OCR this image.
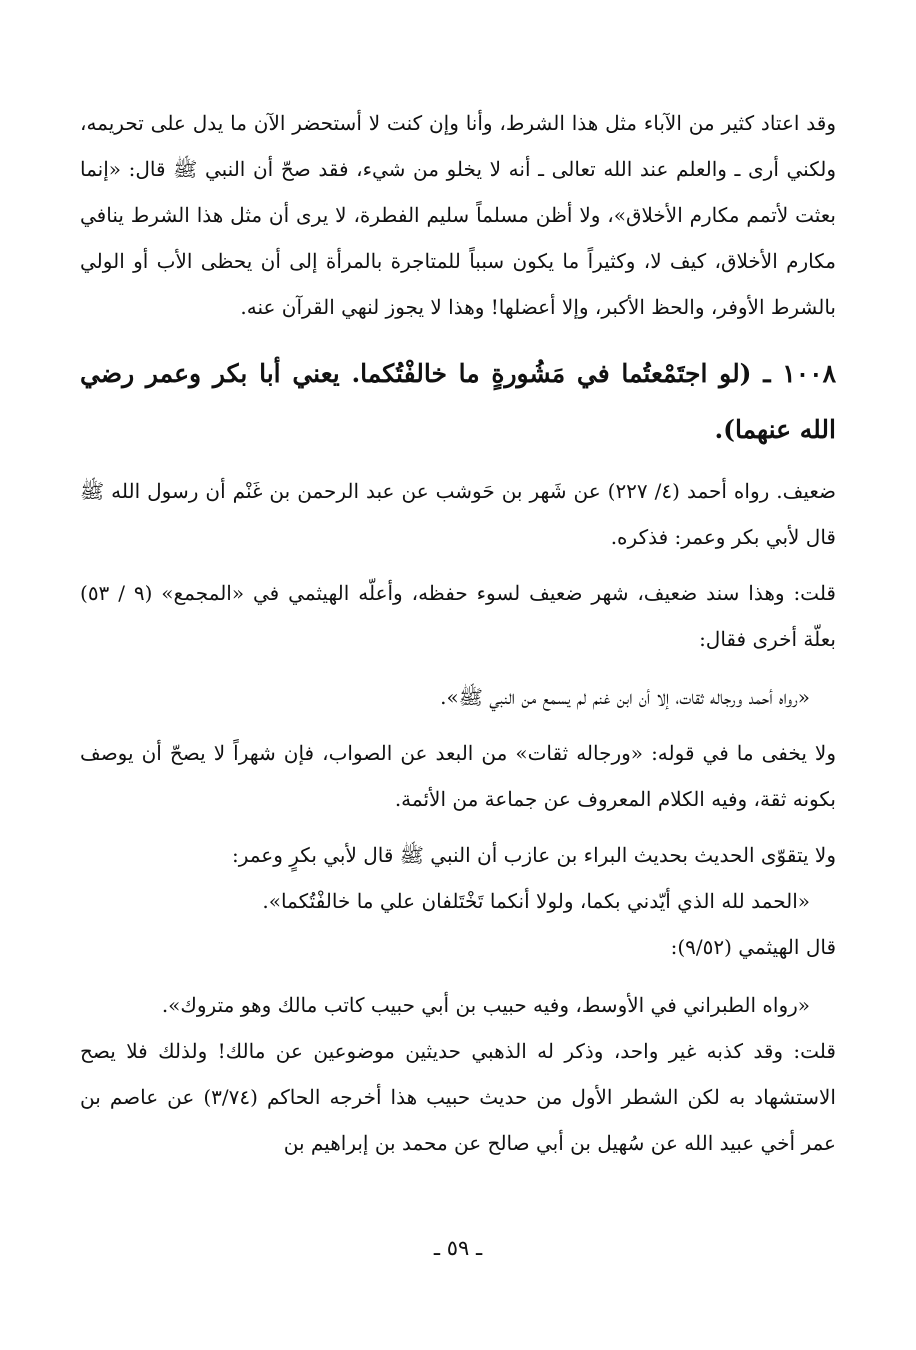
وقد اعتاد كثير من الآباء مثل هذا الشرط، وأنا وإن كنت لا أستحضر الآن ما يدل على تحريمه، ولكني أرى ـ والعلم عند الله تعالى ـ أنه لا يخلو من شيء، فقد صحّ أن النبي ﷺ قال: «إنما بعثت لأتمم مكارم الأخلاق»، ولا أظن مسلماً سليم الفطرة، لا يرى أن مثل هذا الشرط ينافي مكارم الأخلاق، كيف لا، وكثيراً ما يكون سبباً للمتاجرة بالمرأة إلى أن يحظى الأب أو الولي بالشرط الأوفر، والحظ الأكبر، وإلا أعضلها! وهذا لا يجوز لنهي القرآن عنه.

١٠٠٨ ـ (لو اجتَمْعتُما في مَشُورةٍ ما خالفْتُكما. يعني أبا بكر وعمر رضي الله عنهما).

ضعيف. رواه أحمد (٤/ ٢٢٧) عن شَهر بن حَوشب عن عبد الرحمن بن غَنْم أن رسول الله ﷺ قال لأبي بكر وعمر: فذكره.

قلت: وهذا سند ضعيف، شهر ضعيف لسوء حفظه، وأعلّه الهيثمي في «المجمع» (٩ / ٥٣) بعلّة أخرى فقال:

«رواه أحمد ورجاله ثقات، إلا أن ابن غنم لم يسمع من النبي ﷺ».

ولا يخفى ما في قوله: «ورجاله ثقات» من البعد عن الصواب، فإن شهراً لا يصحّ أن يوصف بكونه ثقة، وفيه الكلام المعروف عن جماعة من الأئمة.

ولا يتقوّى الحديث بحديث البراء بن عازب أن النبي ﷺ قال لأبي بكرٍ وعمر:

«الحمد لله الذي أيّدني بكما، ولولا أنكما تَخْتَلفان علي ما خالفْتُكما».

قال الهيثمي (٩/٥٢):

«رواه الطبراني في الأوسط، وفيه حبيب بن أبي حبيب كاتب مالك وهو متروك».

قلت: وقد كذبه غير واحد، وذكر له الذهبي حديثين موضوعين عن مالك! ولذلك فلا يصح الاستشهاد به لكن الشطر الأول من حديث حبيب هذا أخرجه الحاكم (٣/٧٤) عن عاصم بن عمر أخي عبيد الله عن سُهيل بن أبي صالح عن محمد بن إبراهيم بن

ـ ٥٩ ـ
